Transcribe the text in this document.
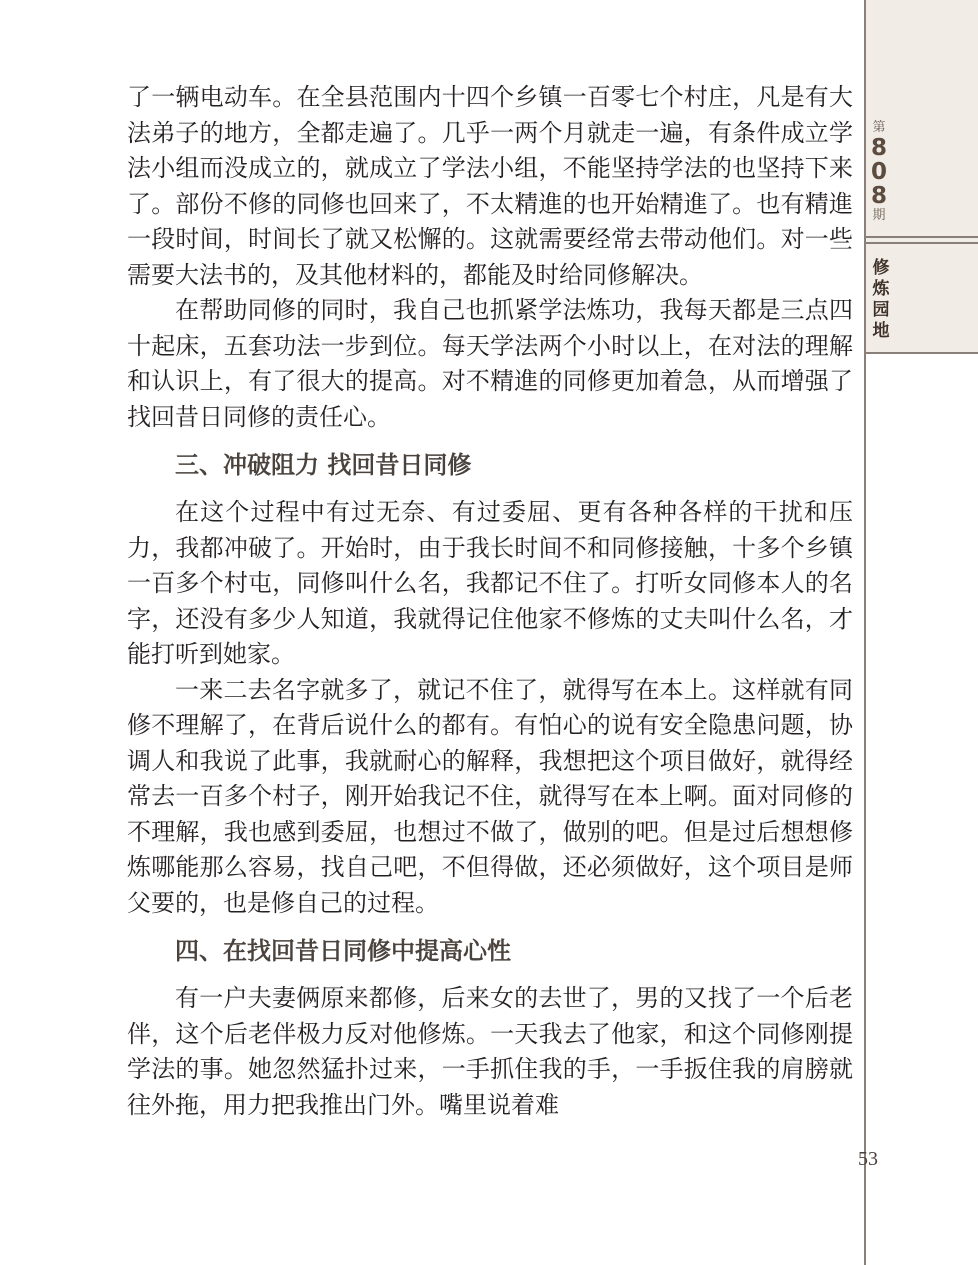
第
8
0
8
期
修
炼
园
地

了一辆电动车。在全县范围内十四个乡镇一百零七个村庄，凡是有大法弟子的地方，全都走遍了。几乎一两个月就走一遍，有条件成立学法小组而没成立的，就成立了学法小组，不能坚持学法的也坚持下来了。部份不修的同修也回来了，不太精進的也开始精進了。也有精進一段时间，时间长了就又松懈的。这就需要经常去带动他们。对一些需要大法书的，及其他材料的，都能及时给同修解决。

在帮助同修的同时，我自己也抓紧学法炼功，我每天都是三点四十起床，五套功法一步到位。每天学法两个小时以上，在对法的理解和认识上，有了很大的提高。对不精進的同修更加着急，从而增强了找回昔日同修的责任心。

三、冲破阻力 找回昔日同修

在这个过程中有过无奈、有过委屈、更有各种各样的干扰和压力，我都冲破了。开始时，由于我长时间不和同修接触，十多个乡镇一百多个村屯，同修叫什么名，我都记不住了。打听女同修本人的名字，还没有多少人知道，我就得记住他家不修炼的丈夫叫什么名，才能打听到她家。

一来二去名字就多了，就记不住了，就得写在本上。这样就有同修不理解了，在背后说什么的都有。有怕心的说有安全隐患问题，协调人和我说了此事，我就耐心的解释，我想把这个项目做好，就得经常去一百多个村子，刚开始我记不住，就得写在本上啊。面对同修的不理解，我也感到委屈，也想过不做了，做别的吧。但是过后想想修炼哪能那么容易，找自己吧，不但得做，还必须做好，这个项目是师父要的，也是修自己的过程。

四、在找回昔日同修中提高心性

有一户夫妻俩原来都修，后来女的去世了，男的又找了一个后老伴，这个后老伴极力反对他修炼。一天我去了他家，和这个同修刚提学法的事。她忽然猛扑过来，一手抓住我的手，一手扳住我的肩膀就往外拖，用力把我推出门外。嘴里说着难

53
